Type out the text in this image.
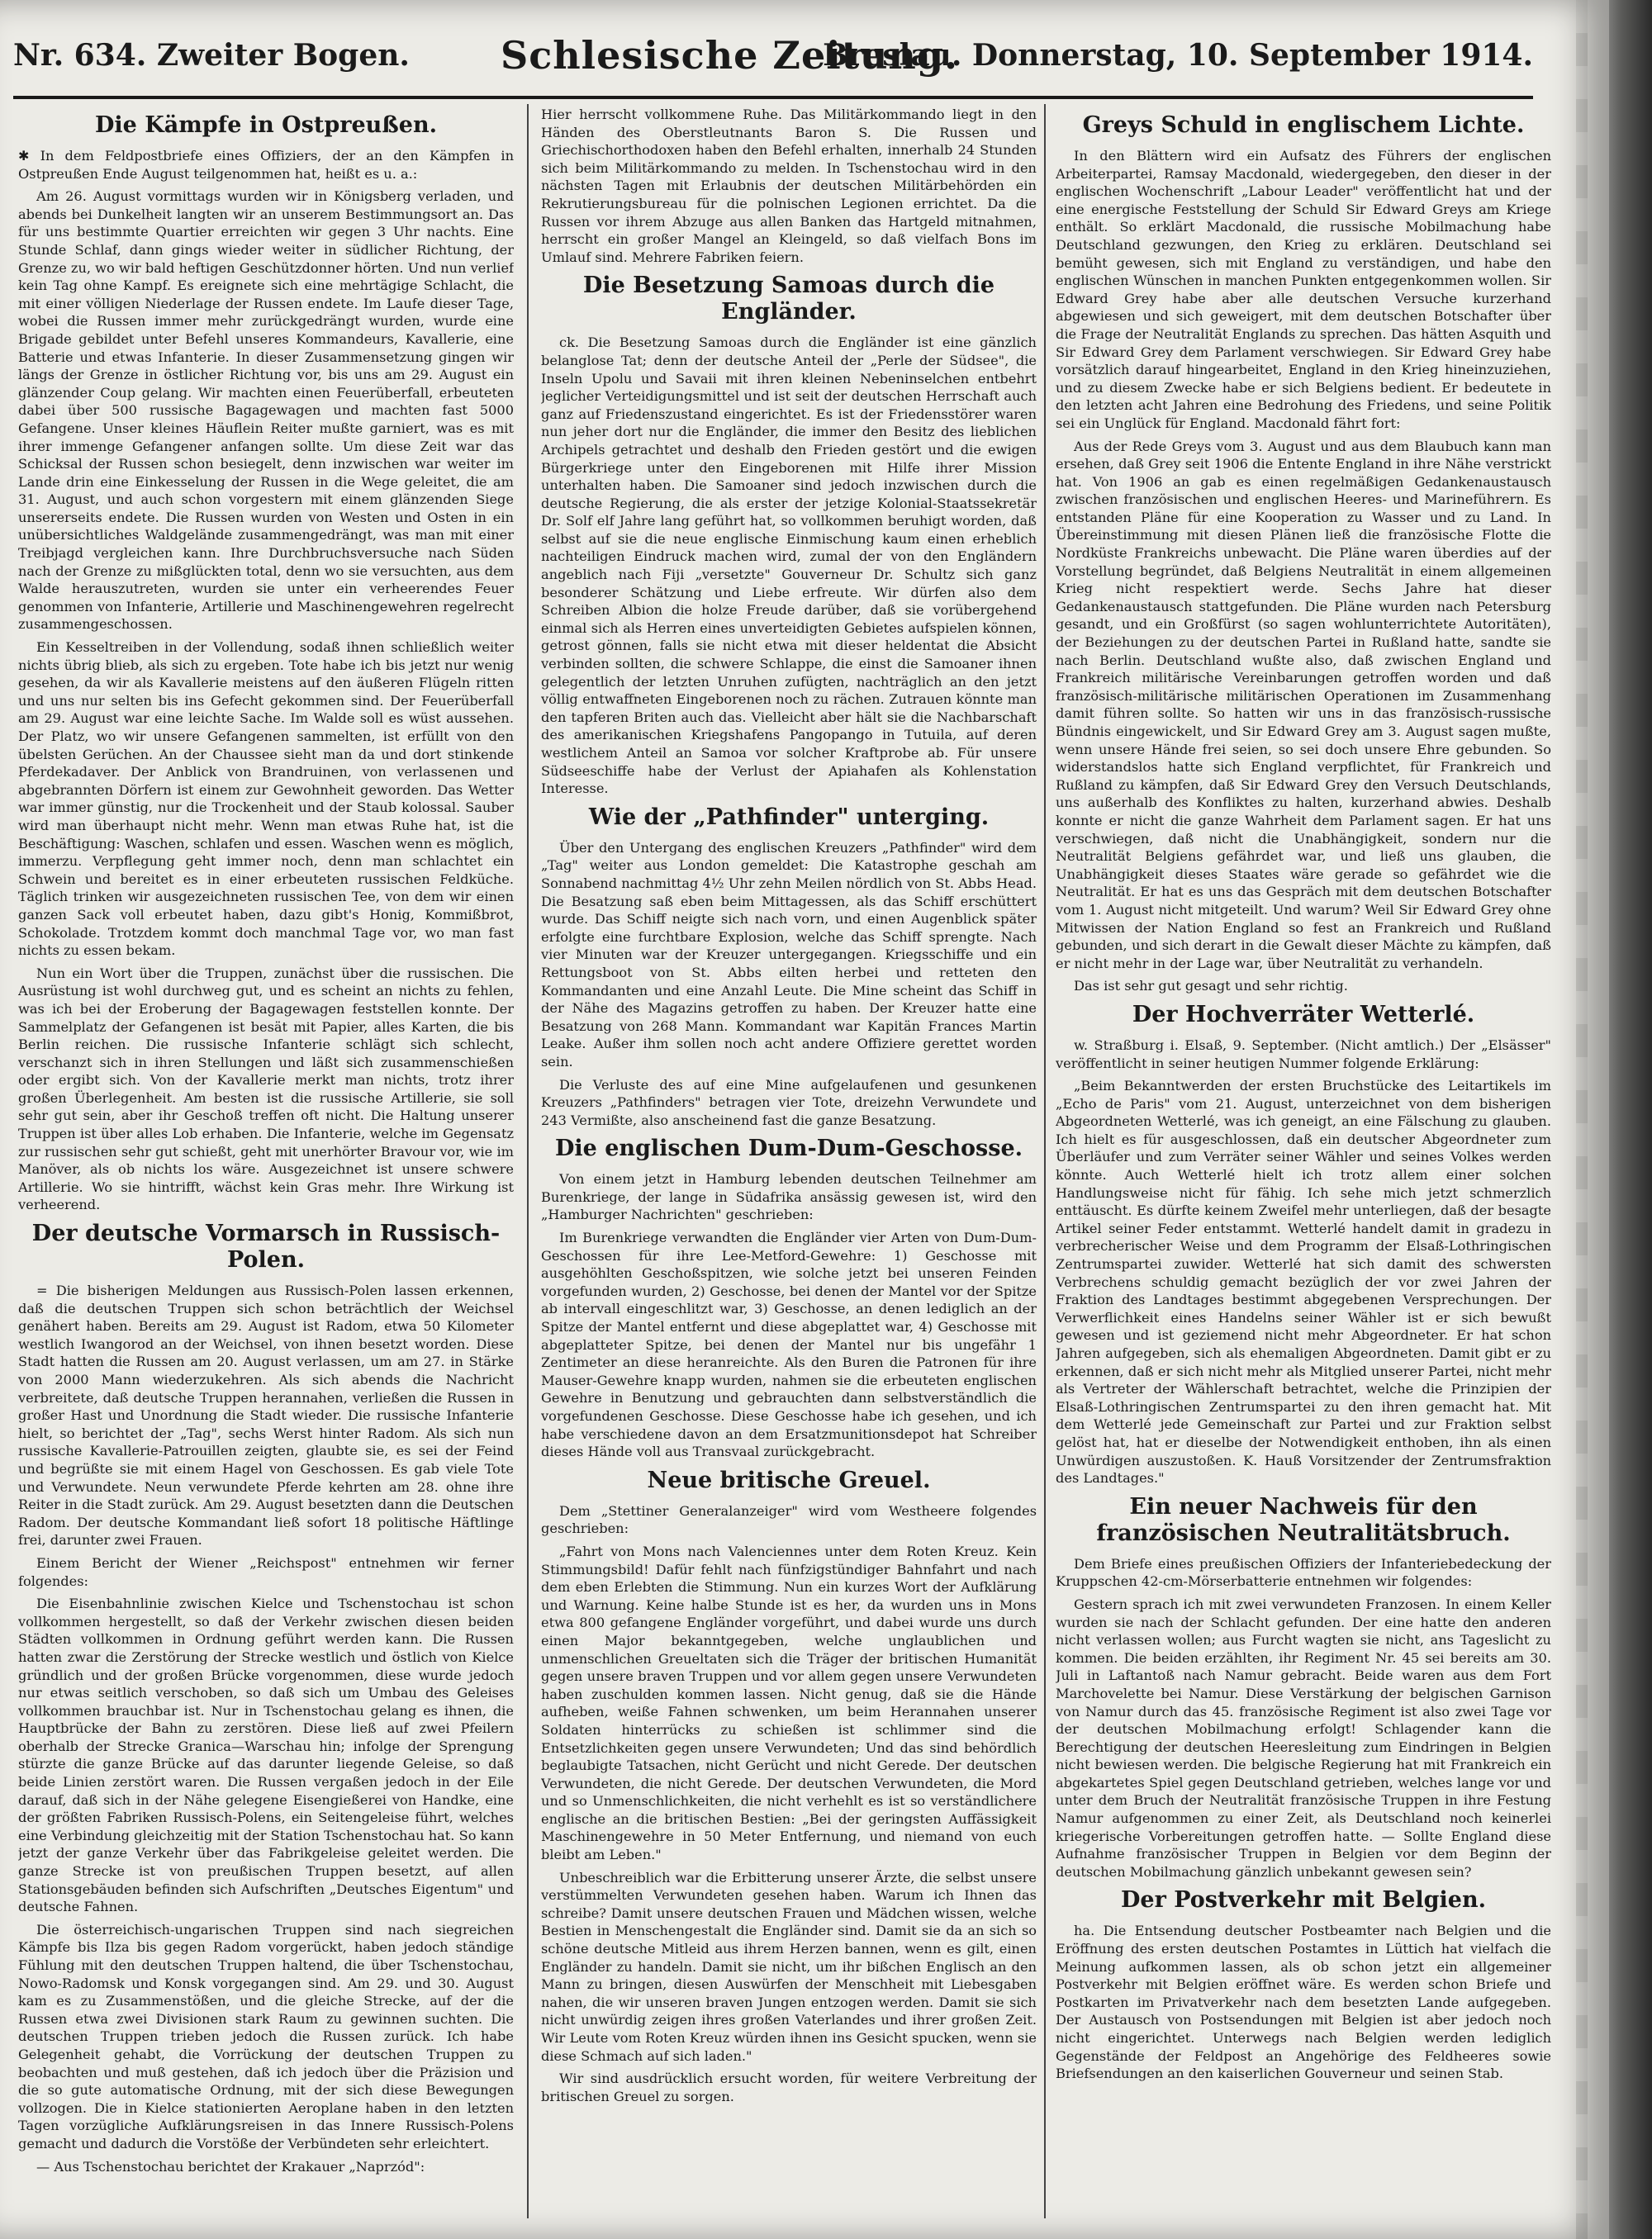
Nr. 634. Zweiter Bogen. Schlesische Zeitung.
Breslau. Donnerstag, 10. September 1914.
Die Kämpfe in Ostpreußen.

✱ In dem Feldpostbriefe eines Offiziers, der an den Kämpfen in Ostpreußen Ende August teilgenommen hat, heißt es u. a.:

Am 26. August vormittags wurden wir in Königsberg verladen, und abends bei Dunkelheit langten wir an unserem Bestimmungsort an. Das für uns bestimmte Quartier erreichten wir gegen 3 Uhr nachts. Eine Stunde Schlaf, dann gings wieder weiter in südlicher Richtung, der Grenze zu, wo wir bald heftigen Geschützdonner hörten. Und nun verlief kein Tag ohne Kampf. Es ereignete sich eine mehrtägige Schlacht, die mit einer völligen Niederlage der Russen endete. Im Laufe dieser Tage, wobei die Russen immer mehr zurückgedrängt wurden, wurde eine Brigade gebildet unter Befehl unseres Kommandeurs, Kavallerie, eine Batterie und etwas Infanterie. In dieser Zusammensetzung gingen wir längs der Grenze in östlicher Richtung vor, bis uns am 29. August ein glänzender Coup gelang. Wir machten einen Feuerüberfall, erbeuteten dabei über 500 russische Bagagewagen und machten fast 5000 Gefangene. Unser kleines Häuflein Reiter mußte garniert, was es mit ihrer immenge Gefangener anfangen sollte. Um diese Zeit war das Schicksal der Russen schon besiegelt, denn inzwischen war weiter im Lande drin eine Einkesselung der Russen in die Wege geleitet, die am 31. August, und auch schon vorgestern mit einem glänzenden Siege unsererseits endete. Die Russen wurden von Westen und Osten in ein unübersichtliches Waldgelände zusammengedrängt, was man mit einer Treibjagd vergleichen kann. Ihre Durchbruchsversuche nach Süden nach der Grenze zu mißglückten total, denn wo sie versuchten, aus dem Walde herauszutreten, wurden sie unter ein verheerendes Feuer genommen von Infanterie, Artillerie und Maschinengewehren regelrecht zusammengeschossen.

Ein Kesseltreiben in der Vollendung, sodaß ihnen schließlich weiter nichts übrig blieb, als sich zu ergeben. Tote habe ich bis jetzt nur wenig gesehen, da wir als Kavallerie meistens auf den äußeren Flügeln ritten und uns nur selten bis ins Gefecht gekommen sind. Der Feuerüberfall am 29. August war eine leichte Sache. Im Walde soll es wüst aussehen. Der Platz, wo wir unsere Gefangenen sammelten, ist erfüllt von den übelsten Gerüchen. An der Chaussee sieht man da und dort stinkende Pferdekadaver. Der Anblick von Brandruinen, von verlassenen und abgebrannten Dörfern ist einem zur Gewohnheit geworden. Das Wetter war immer günstig, nur die Trockenheit und der Staub kolossal. Sauber wird man überhaupt nicht mehr. Wenn man etwas Ruhe hat, ist die Beschäftigung: Waschen, schlafen und essen. Waschen wenn es möglich, immerzu. Verpflegung geht immer noch, denn man schlachtet ein Schwein und bereitet es in einer erbeuteten russischen Feldküche. Täglich trinken wir ausgezeichneten russischen Tee, von dem wir einen ganzen Sack voll erbeutet haben, dazu gibt's Honig, Kommißbrot, Schokolade. Trotzdem kommt doch manchmal Tage vor, wo man fast nichts zu essen bekam.

Nun ein Wort über die Truppen, zunächst über die russischen. Die Ausrüstung ist wohl durchweg gut, und es scheint an nichts zu fehlen, was ich bei der Eroberung der Bagagewagen feststellen konnte. Der Sammelplatz der Gefangenen ist besät mit Papier, alles Karten, die bis Berlin reichen. Die russische Infanterie schlägt sich schlecht, verschanzt sich in ihren Stellungen und läßt sich zusammenschießen oder ergibt sich. Von der Kavallerie merkt man nichts, trotz ihrer großen Überlegenheit. Am besten ist die russische Artillerie, sie soll sehr gut sein, aber ihr Geschoß treffen oft nicht. Die Haltung unserer Truppen ist über alles Lob erhaben. Die Infanterie, welche im Gegensatz zur russischen sehr gut schießt, geht mit unerhörter Bravour vor, wie im Manöver, als ob nichts los wäre. Ausgezeichnet ist unsere schwere Artillerie. Wo sie hintrifft, wächst kein Gras mehr. Ihre Wirkung ist verheerend.

Der deutsche Vormarsch in Russisch-Polen.

= Die bisherigen Meldungen aus Russisch-Polen lassen erkennen, daß die deutschen Truppen sich schon beträchtlich der Weichsel genähert haben. Bereits am 29. August ist Radom, etwa 50 Kilometer westlich Iwangorod an der Weichsel, von ihnen besetzt worden. Diese Stadt hatten die Russen am 20. August verlassen, um am 27. in Stärke von 2000 Mann wiederzukehren. Als sich abends die Nachricht verbreitete, daß deutsche Truppen herannahen, verließen die Russen in großer Hast und Unordnung die Stadt wieder. Die russische Infanterie hielt, so berichtet der „Tag", sechs Werst hinter Radom. Als sich nun russische Kavallerie-Patrouillen zeigten, glaubte sie, es sei der Feind und begrüßte sie mit einem Hagel von Geschossen. Es gab viele Tote und Verwundete. Neun verwundete Pferde kehrten am 28. ohne ihre Reiter in die Stadt zurück. Am 29. August besetzten dann die Deutschen Radom. Der deutsche Kommandant ließ sofort 18 politische Häftlinge frei, darunter zwei Frauen.

Einem Bericht der Wiener „Reichspost" entnehmen wir ferner folgendes:

Die Eisenbahnlinie zwischen Kielce und Tschenstochau ist schon vollkommen hergestellt, so daß der Verkehr zwischen diesen beiden Städten vollkommen in Ordnung geführt werden kann. Die Russen hatten zwar die Zerstörung der Strecke westlich und östlich von Kielce gründlich und der großen Brücke vorgenommen, diese wurde jedoch nur etwas seitlich verschoben, so daß sich um Umbau des Geleises vollkommen brauchbar ist. Nur in Tschenstochau gelang es ihnen, die Hauptbrücke der Bahn zu zerstören. Diese ließ auf zwei Pfeilern oberhalb der Strecke Granica—Warschau hin; infolge der Sprengung stürzte die ganze Brücke auf das darunter liegende Geleise, so daß beide Linien zerstört waren. Die Russen vergaßen jedoch in der Eile darauf, daß sich in der Nähe gelegene Eisengießerei von Handke, eine der größten Fabriken Russisch-Polens, ein Seitengeleise führt, welches eine Verbindung gleichzeitig mit der Station Tschenstochau hat. So kann jetzt der ganze Verkehr über das Fabrikgeleise geleitet werden. Die ganze Strecke ist von preußischen Truppen besetzt, auf allen Stationsgebäuden befinden sich Aufschriften „Deutsches Eigentum" und deutsche Fahnen.

Die österreichisch-ungarischen Truppen sind nach siegreichen Kämpfe bis Ilza bis gegen Radom vorgerückt, haben jedoch ständige Fühlung mit den deutschen Truppen haltend, die über Tschenstochau, Nowo-Radomsk und Konsk vorgegangen sind. Am 29. und 30. August kam es zu Zusammenstößen, und die gleiche Strecke, auf der die Russen etwa zwei Divisionen stark Raum zu gewinnen suchten. Die deutschen Truppen trieben jedoch die Russen zurück. Ich habe Gelegenheit gehabt, die Vorrückung der deutschen Truppen zu beobachten und muß gestehen, daß ich jedoch über die Präzision und die so gute automatische Ordnung, mit der sich diese Bewegungen vollzogen. Die in Kielce stationierten Aeroplane haben in den letzten Tagen vorzügliche Aufklärungsreisen in das Innere Russisch-Polens gemacht und dadurch die Vorstöße der Verbündeten sehr erleichtert.

— Aus Tschenstochau berichtet der Krakauer „Naprzód":

Hier herrscht vollkommene Ruhe. Das Militärkommando liegt in den Händen des Oberstleutnants Baron S. Die Russen und Griechischorthodoxen haben den Befehl erhalten, innerhalb 24 Stunden sich beim Militärkommando zu melden. In Tschenstochau wird in den nächsten Tagen mit Erlaubnis der deutschen Militärbehörden ein Rekrutierungsbureau für die polnischen Legionen errichtet. Da die Russen vor ihrem Abzuge aus allen Banken das Hartgeld mitnahmen, herrscht ein großer Mangel an Kleingeld, so daß vielfach Bons im Umlauf sind. Mehrere Fabriken feiern.

Die Besetzung Samoas durch die Engländer.

ck. Die Besetzung Samoas durch die Engländer ist eine gänzlich belanglose Tat; denn der deutsche Anteil der „Perle der Südsee", die Inseln Upolu und Savaii mit ihren kleinen Nebeninselchen entbehrt jeglicher Verteidigungsmittel und ist seit der deutschen Herrschaft auch ganz auf Friedenszustand eingerichtet. Es ist der Friedensstörer waren nun jeher dort nur die Engländer, die immer den Besitz des lieblichen Archipels getrachtet und deshalb den Frieden gestört und die ewigen Bürgerkriege unter den Eingeborenen mit Hilfe ihrer Mission unterhalten haben. Die Samoaner sind jedoch inzwischen durch die deutsche Regierung, die als erster der jetzige Kolonial-Staatssekretär Dr. Solf elf Jahre lang geführt hat, so vollkommen beruhigt worden, daß selbst auf sie die neue englische Einmischung kaum einen erheblich nachteiligen Eindruck machen wird, zumal der von den Engländern angeblich nach Fiji „versetzte" Gouverneur Dr. Schultz sich ganz besonderer Schätzung und Liebe erfreute. Wir dürfen also dem Schreiben Albion die holze Freude darüber, daß sie vorübergehend einmal sich als Herren eines unverteidigten Gebietes aufspielen können, getrost gönnen, falls sie nicht etwa mit dieser heldentat die Absicht verbinden sollten, die schwere Schlappe, die einst die Samoaner ihnen gelegentlich der letzten Unruhen zufügten, nachträglich an den jetzt völlig entwaffneten Eingeborenen noch zu rächen. Zutrauen könnte man den tapferen Briten auch das. Vielleicht aber hält sie die Nachbarschaft des amerikanischen Kriegshafens Pangopango in Tutuila, auf deren westlichem Anteil an Samoa vor solcher Kraftprobe ab. Für unsere Südseeschiffe habe der Verlust der Apiahafen als Kohlenstation Interesse.

Wie der „Pathfinder" unterging.

Über den Untergang des englischen Kreuzers „Pathfinder" wird dem „Tag" weiter aus London gemeldet: Die Katastrophe geschah am Sonnabend nachmittag 4½ Uhr zehn Meilen nördlich von St. Abbs Head. Die Besatzung saß eben beim Mittagessen, als das Schiff erschüttert wurde. Das Schiff neigte sich nach vorn, und einen Augenblick später erfolgte eine furchtbare Explosion, welche das Schiff sprengte. Nach vier Minuten war der Kreuzer untergegangen. Kriegsschiffe und ein Rettungsboot von St. Abbs eilten herbei und retteten den Kommandanten und eine Anzahl Leute. Die Mine scheint das Schiff in der Nähe des Magazins getroffen zu haben. Der Kreuzer hatte eine Besatzung von 268 Mann. Kommandant war Kapitän Frances Martin Leake. Außer ihm sollen noch acht andere Offiziere gerettet worden sein.

Die Verluste des auf eine Mine aufgelaufenen und gesunkenen Kreuzers „Pathfinders" betragen vier Tote, dreizehn Verwundete und 243 Vermißte, also anscheinend fast die ganze Besatzung.

Die englischen Dum-Dum-Geschosse.

Von einem jetzt in Hamburg lebenden deutschen Teilnehmer am Burenkriege, der lange in Südafrika ansässig gewesen ist, wird den „Hamburger Nachrichten" geschrieben:

Im Burenkriege verwandten die Engländer vier Arten von Dum-Dum-Geschossen für ihre Lee-Metford-Gewehre: 1) Geschosse mit ausgehöhlten Geschoßspitzen, wie solche jetzt bei unseren Feinden vorgefunden wurden, 2) Geschosse, bei denen der Mantel vor der Spitze ab intervall eingeschlitzt war, 3) Geschosse, an denen lediglich an der Spitze der Mantel entfernt und diese abgeplattet war, 4) Geschosse mit abgeplatteter Spitze, bei denen der Mantel nur bis ungefähr 1 Zentimeter an diese heranreichte. Als den Buren die Patronen für ihre Mauser-Gewehre knapp wurden, nahmen sie die erbeuteten englischen Gewehre in Benutzung und gebrauchten dann selbstverständlich die vorgefundenen Geschosse. Diese Geschosse habe ich gesehen, und ich habe verschiedene davon an dem Ersatzmunitionsdepot hat Schreiber dieses Hände voll aus Transvaal zurückgebracht.

Neue britische Greuel.

Dem „Stettiner Generalanzeiger" wird vom Westheere folgendes geschrieben:

„Fahrt von Mons nach Valenciennes unter dem Roten Kreuz. Kein Stimmungsbild! Dafür fehlt nach fünfzigstündiger Bahnfahrt und nach dem eben Erlebten die Stimmung. Nun ein kurzes Wort der Aufklärung und Warnung. Keine halbe Stunde ist es her, da wurden uns in Mons etwa 800 gefangene Engländer vorgeführt, und dabei wurde uns durch einen Major bekanntgegeben, welche unglaublichen und unmenschlichen Greueltaten sich die Träger der britischen Humanität gegen unsere braven Truppen und vor allem gegen unsere Verwundeten haben zuschulden kommen lassen. Nicht genug, daß sie die Hände aufheben, weiße Fahnen schwenken, um beim Herannahen unserer Soldaten hinterrücks zu schießen ist schlimmer sind die Entsetzlichkeiten gegen unsere Verwundeten; Und das sind behördlich beglaubigte Tatsachen, nicht Gerücht und nicht Gerede. Der deutschen Verwundeten, die nicht Gerede. Der deutschen Verwundeten, die Mord und so Unmenschlichkeiten, die nicht verhehlt es ist so verständlichere englische an die britischen Bestien: „Bei der geringsten Auffässigkeit Maschinengewehre in 50 Meter Entfernung, und niemand von euch bleibt am Leben."

Unbeschreiblich war die Erbitterung unserer Ärzte, die selbst unsere verstümmelten Verwundeten gesehen haben. Warum ich Ihnen das schreibe? Damit unsere deutschen Frauen und Mädchen wissen, welche Bestien in Menschengestalt die Engländer sind. Damit sie da an sich so schöne deutsche Mitleid aus ihrem Herzen bannen, wenn es gilt, einen Engländer zu handeln. Damit sie nicht, um ihr bißchen Englisch an den Mann zu bringen, diesen Auswürfen der Menschheit mit Liebesgaben nahen, die wir unseren braven Jungen entzogen werden. Damit sie sich nicht unwürdig zeigen ihres großen Vaterlandes und ihrer großen Zeit. Wir Leute vom Roten Kreuz würden ihnen ins Gesicht spucken, wenn sie diese Schmach auf sich laden."

Wir sind ausdrücklich ersucht worden, für weitere Verbreitung der britischen Greuel zu sorgen.

Greys Schuld in englischem Lichte.

In den Blättern wird ein Aufsatz des Führers der englischen Arbeiterpartei, Ramsay Macdonald, wiedergegeben, den dieser in der englischen Wochenschrift „Labour Leader" veröffentlicht hat und der eine energische Feststellung der Schuld Sir Edward Greys am Kriege enthält. So erklärt Macdonald, die russische Mobilmachung habe Deutschland gezwungen, den Krieg zu erklären. Deutschland sei bemüht gewesen, sich mit England zu verständigen, und habe den englischen Wünschen in manchen Punkten entgegenkommen wollen. Sir Edward Grey habe aber alle deutschen Versuche kurzerhand abgewiesen und sich geweigert, mit dem deutschen Botschafter über die Frage der Neutralität Englands zu sprechen. Das hätten Asquith und Sir Edward Grey dem Parlament verschwiegen. Sir Edward Grey habe vorsätzlich darauf hingearbeitet, England in den Krieg hineinzuziehen, und zu diesem Zwecke habe er sich Belgiens bedient. Er bedeutete in den letzten acht Jahren eine Bedrohung des Friedens, und seine Politik sei ein Unglück für England. Macdonald fährt fort:

Aus der Rede Greys vom 3. August und aus dem Blaubuch kann man ersehen, daß Grey seit 1906 die Entente England in ihre Nähe verstrickt hat. Von 1906 an gab es einen regelmäßigen Gedankenaustausch zwischen französischen und englischen Heeres- und Marineführern. Es entstanden Pläne für eine Kooperation zu Wasser und zu Land. In Übereinstimmung mit diesen Plänen ließ die französische Flotte die Nordküste Frankreichs unbewacht. Die Pläne waren überdies auf der Vorstellung begründet, daß Belgiens Neutralität in einem allgemeinen Krieg nicht respektiert werde. Sechs Jahre hat dieser Gedankenaustausch stattgefunden. Die Pläne wurden nach Petersburg gesandt, und ein Großfürst (so sagen wohlunterrichtete Autoritäten), der Beziehungen zu der deutschen Partei in Rußland hatte, sandte sie nach Berlin. Deutschland wußte also, daß zwischen England und Frankreich militärische Vereinbarungen getroffen worden und daß französisch-militärische militärischen Operationen im Zusammenhang damit führen sollte. So hatten wir uns in das französisch-russische Bündnis eingewickelt, und Sir Edward Grey am 3. August sagen mußte, wenn unsere Hände frei seien, so sei doch unsere Ehre gebunden. So widerstandslos hatte sich England verpflichtet, für Frankreich und Rußland zu kämpfen, daß Sir Edward Grey den Versuch Deutschlands, uns außerhalb des Konfliktes zu halten, kurzerhand abwies. Deshalb konnte er nicht die ganze Wahrheit dem Parlament sagen. Er hat uns verschwiegen, daß nicht die Unabhängigkeit, sondern nur die Neutralität Belgiens gefährdet war, und ließ uns glauben, die Unabhängigkeit dieses Staates wäre gerade so gefährdet wie die Neutralität. Er hat es uns das Gespräch mit dem deutschen Botschafter vom 1. August nicht mitgeteilt. Und warum? Weil Sir Edward Grey ohne Mitwissen der Nation England so fest an Frankreich und Rußland gebunden, und sich derart in die Gewalt dieser Mächte zu kämpfen, daß er nicht mehr in der Lage war, über Neutralität zu verhandeln.

Das ist sehr gut gesagt und sehr richtig.

Der Hochverräter Wetterlé.

w. Straßburg i. Elsaß, 9. September. (Nicht amtlich.) Der „Elsässer" veröffentlicht in seiner heutigen Nummer folgende Erklärung:

„Beim Bekanntwerden der ersten Bruchstücke des Leitartikels im „Echo de Paris" vom 21. August, unterzeichnet von dem bisherigen Abgeordneten Wetterlé, was ich geneigt, an eine Fälschung zu glauben. Ich hielt es für ausgeschlossen, daß ein deutscher Abgeordneter zum Überläufer und zum Verräter seiner Wähler und seines Volkes werden könnte. Auch Wetterlé hielt ich trotz allem einer solchen Handlungsweise nicht für fähig. Ich sehe mich jetzt schmerzlich enttäuscht. Es dürfte keinem Zweifel mehr unterliegen, daß der besagte Artikel seiner Feder entstammt. Wetterlé handelt damit in gradezu in verbrecherischer Weise und dem Programm der Elsaß-Lothringischen Zentrumspartei zuwider. Wetterlé hat sich damit des schwersten Verbrechens schuldig gemacht bezüglich der vor zwei Jahren der Fraktion des Landtages bestimmt abgegebenen Versprechungen. Der Verwerflichkeit eines Handelns seiner Wähler ist er sich bewußt gewesen und ist geziemend nicht mehr Abgeordneter. Er hat schon Jahren aufgegeben, sich als ehemaligen Abgeordneten. Damit gibt er zu erkennen, daß er sich nicht mehr als Mitglied unserer Partei, nicht mehr als Vertreter der Wählerschaft betrachtet, welche die Prinzipien der Elsaß-Lothringischen Zentrumspartei zu den ihren gemacht hat. Mit dem Wetterlé jede Gemeinschaft zur Partei und zur Fraktion selbst gelöst hat, hat er dieselbe der Notwendigkeit enthoben, ihn als einen Unwürdigen auszustoßen. K. Hauß Vorsitzender der Zentrumsfraktion des Landtages."

Ein neuer Nachweis für den französischen Neutralitätsbruch.

Dem Briefe eines preußischen Offiziers der Infanteriebedeckung der Kruppschen 42-cm-Mörserbatterie entnehmen wir folgendes:

Gestern sprach ich mit zwei verwundeten Franzosen. In einem Keller wurden sie nach der Schlacht gefunden. Der eine hatte den anderen nicht verlassen wollen; aus Furcht wagten sie nicht, ans Tageslicht zu kommen. Die beiden erzählten, ihr Regiment Nr. 45 sei bereits am 30. Juli in Laftantoß nach Namur gebracht. Beide waren aus dem Fort Marchovelette bei Namur. Diese Verstärkung der belgischen Garnison von Namur durch das 45. französische Regiment ist also zwei Tage vor der deutschen Mobilmachung erfolgt! Schlagender kann die Berechtigung der deutschen Heeresleitung zum Eindringen in Belgien nicht bewiesen werden. Die belgische Regierung hat mit Frankreich ein abgekartetes Spiel gegen Deutschland getrieben, welches lange vor und unter dem Bruch der Neutralität französische Truppen in ihre Festung Namur aufgenommen zu einer Zeit, als Deutschland noch keinerlei kriegerische Vorbereitungen getroffen hatte. — Sollte England diese Aufnahme französischer Truppen in Belgien vor dem Beginn der deutschen Mobilmachung gänzlich unbekannt gewesen sein?

Der Postverkehr mit Belgien.

ha. Die Entsendung deutscher Postbeamter nach Belgien und die Eröffnung des ersten deutschen Postamtes in Lüttich hat vielfach die Meinung aufkommen lassen, als ob schon jetzt ein allgemeiner Postverkehr mit Belgien eröffnet wäre. Es werden schon Briefe und Postkarten im Privatverkehr nach dem besetzten Lande aufgegeben. Der Austausch von Postsendungen mit Belgien ist aber jedoch noch nicht eingerichtet. Unterwegs nach Belgien werden lediglich Gegenstände der Feldpost an Angehörige des Feldheeres sowie Briefsendungen an den kaiserlichen Gouverneur und seinen Stab.
